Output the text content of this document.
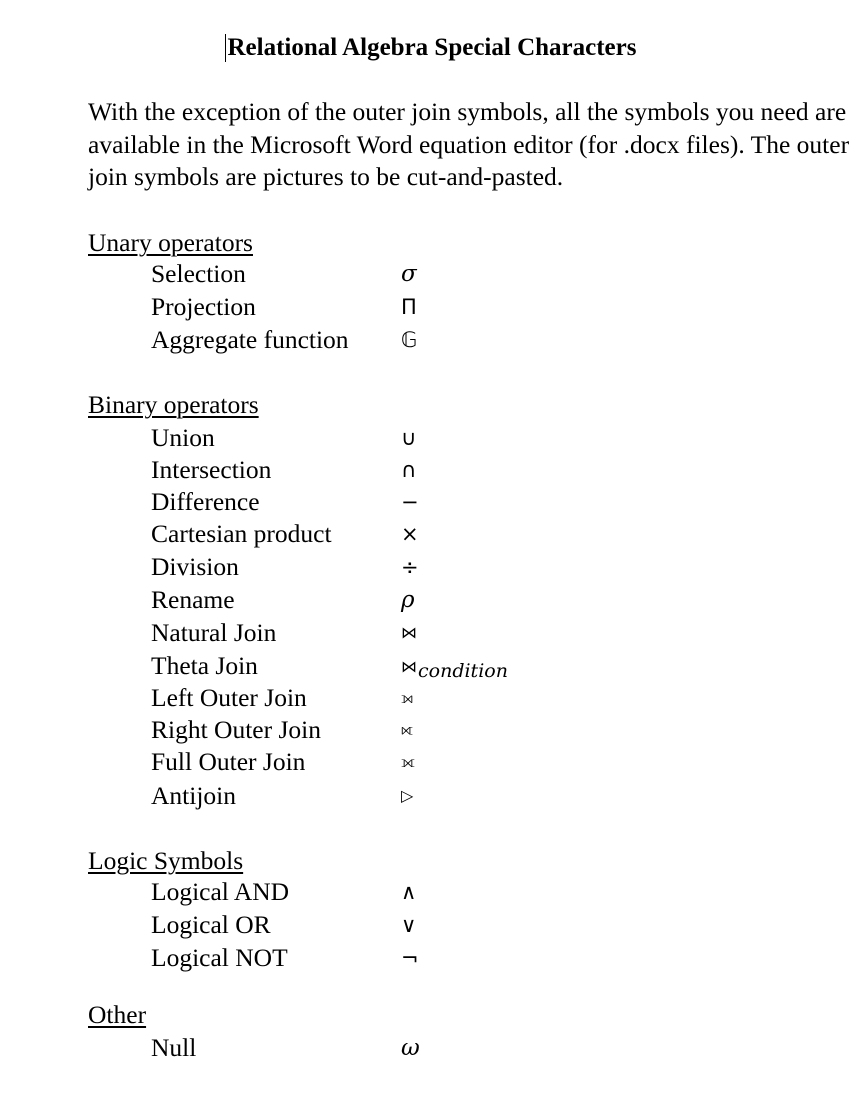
Relational Algebra Special Characters

With the exception of the outer join symbols, all the symbols you need are available in the Microsoft Word equation editor (for .docx files). The outer join symbols are pictures to be cut-and-pasted.

Unary operators

Selection	σ
Projection	Π
Aggregate function 𝔾

Binary operators

Union	∪
Intersection	∩
Difference	−
Cartesian product	×
Division	÷
Rename	ρ
Natural Join	⋈
Theta Join	⋈condition
Left Outer Join	⟕
Right Outer Join	⟖
Full Outer Join	⟗
Antijoin	▷

Logic Symbols

Logical AND	∧
Logical OR	∨
Logical NOT	¬

Other

Null	ω
